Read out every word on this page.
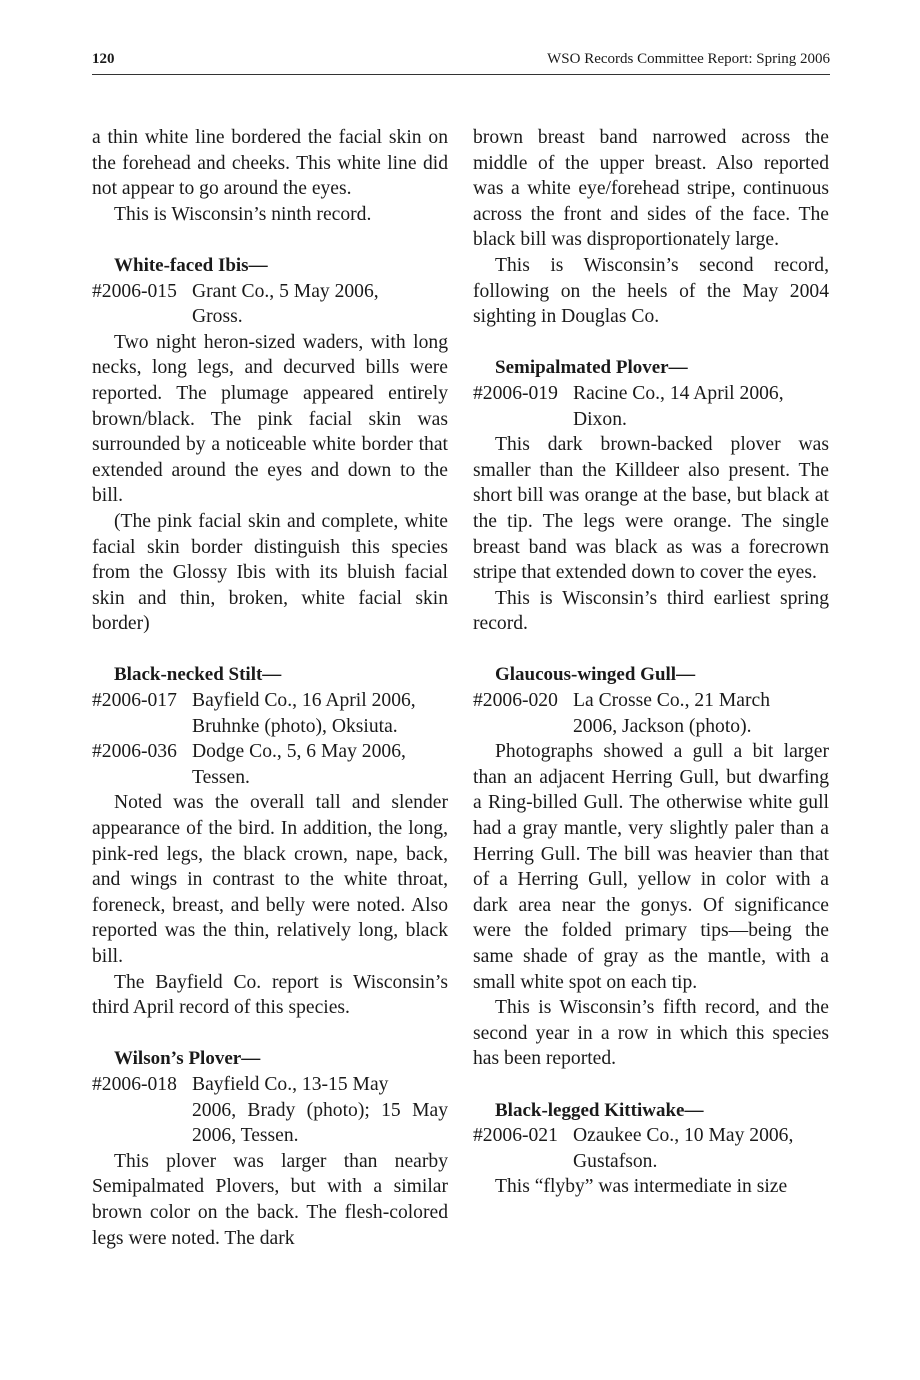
120	WSO Records Committee Report: Spring 2006

a thin white line bordered the facial skin on the forehead and cheeks. This white line did not appear to go around the eyes.

This is Wisconsin’s ninth record.

White-faced Ibis—
#2006-015 Grant Co., 5 May 2006,
Gross.

Two night heron-sized waders, with long necks, long legs, and decurved bills were reported. The plumage appeared entirely brown/black. The pink facial skin was surrounded by a noticeable white border that extended around the eyes and down to the bill.

(The pink facial skin and complete, white facial skin border distinguish this species from the Glossy Ibis with its bluish facial skin and thin, broken, white facial skin border)

Black-necked Stilt—
#2006-017 Bayfield Co., 16 April 2006,
Bruhnke (photo), Oksiuta.
#2006-036 Dodge Co., 5, 6 May 2006,
Tessen.

Noted was the overall tall and slender appearance of the bird. In addition, the long, pink-red legs, the black crown, nape, back, and wings in contrast to the white throat, foreneck, breast, and belly were noted. Also reported was the thin, relatively long, black bill.

The Bayfield Co. report is Wisconsin’s third April record of this species.

Wilson’s Plover—
#2006-018 Bayfield Co., 13-15 May
2006, Brady (photo); 15 May 2006, Tessen.

This plover was larger than nearby Semipalmated Plovers, but with a similar brown color on the back. The flesh-colored legs were noted. The dark

brown breast band narrowed across the middle of the upper breast. Also reported was a white eye/forehead stripe, continuous across the front and sides of the face. The black bill was disproportionately large.

This is Wisconsin’s second record, following on the heels of the May 2004 sighting in Douglas Co.

Semipalmated Plover—
#2006-019 Racine Co., 14 April 2006,
Dixon.

This dark brown-backed plover was smaller than the Killdeer also present. The short bill was orange at the base, but black at the tip. The legs were orange. The single breast band was black as was a forecrown stripe that extended down to cover the eyes.

This is Wisconsin’s third earliest spring record.

Glaucous-winged Gull—
#2006-020 La Crosse Co., 21 March
2006, Jackson (photo).

Photographs showed a gull a bit larger than an adjacent Herring Gull, but dwarfing a Ring-billed Gull. The otherwise white gull had a gray mantle, very slightly paler than a Herring Gull. The bill was heavier than that of a Herring Gull, yellow in color with a dark area near the gonys. Of significance were the folded primary tips—being the same shade of gray as the mantle, with a small white spot on each tip.

This is Wisconsin’s fifth record, and the second year in a row in which this species has been reported.

Black-legged Kittiwake—
#2006-021 Ozaukee Co., 10 May 2006,
Gustafson.

This “flyby” was intermediate in size
